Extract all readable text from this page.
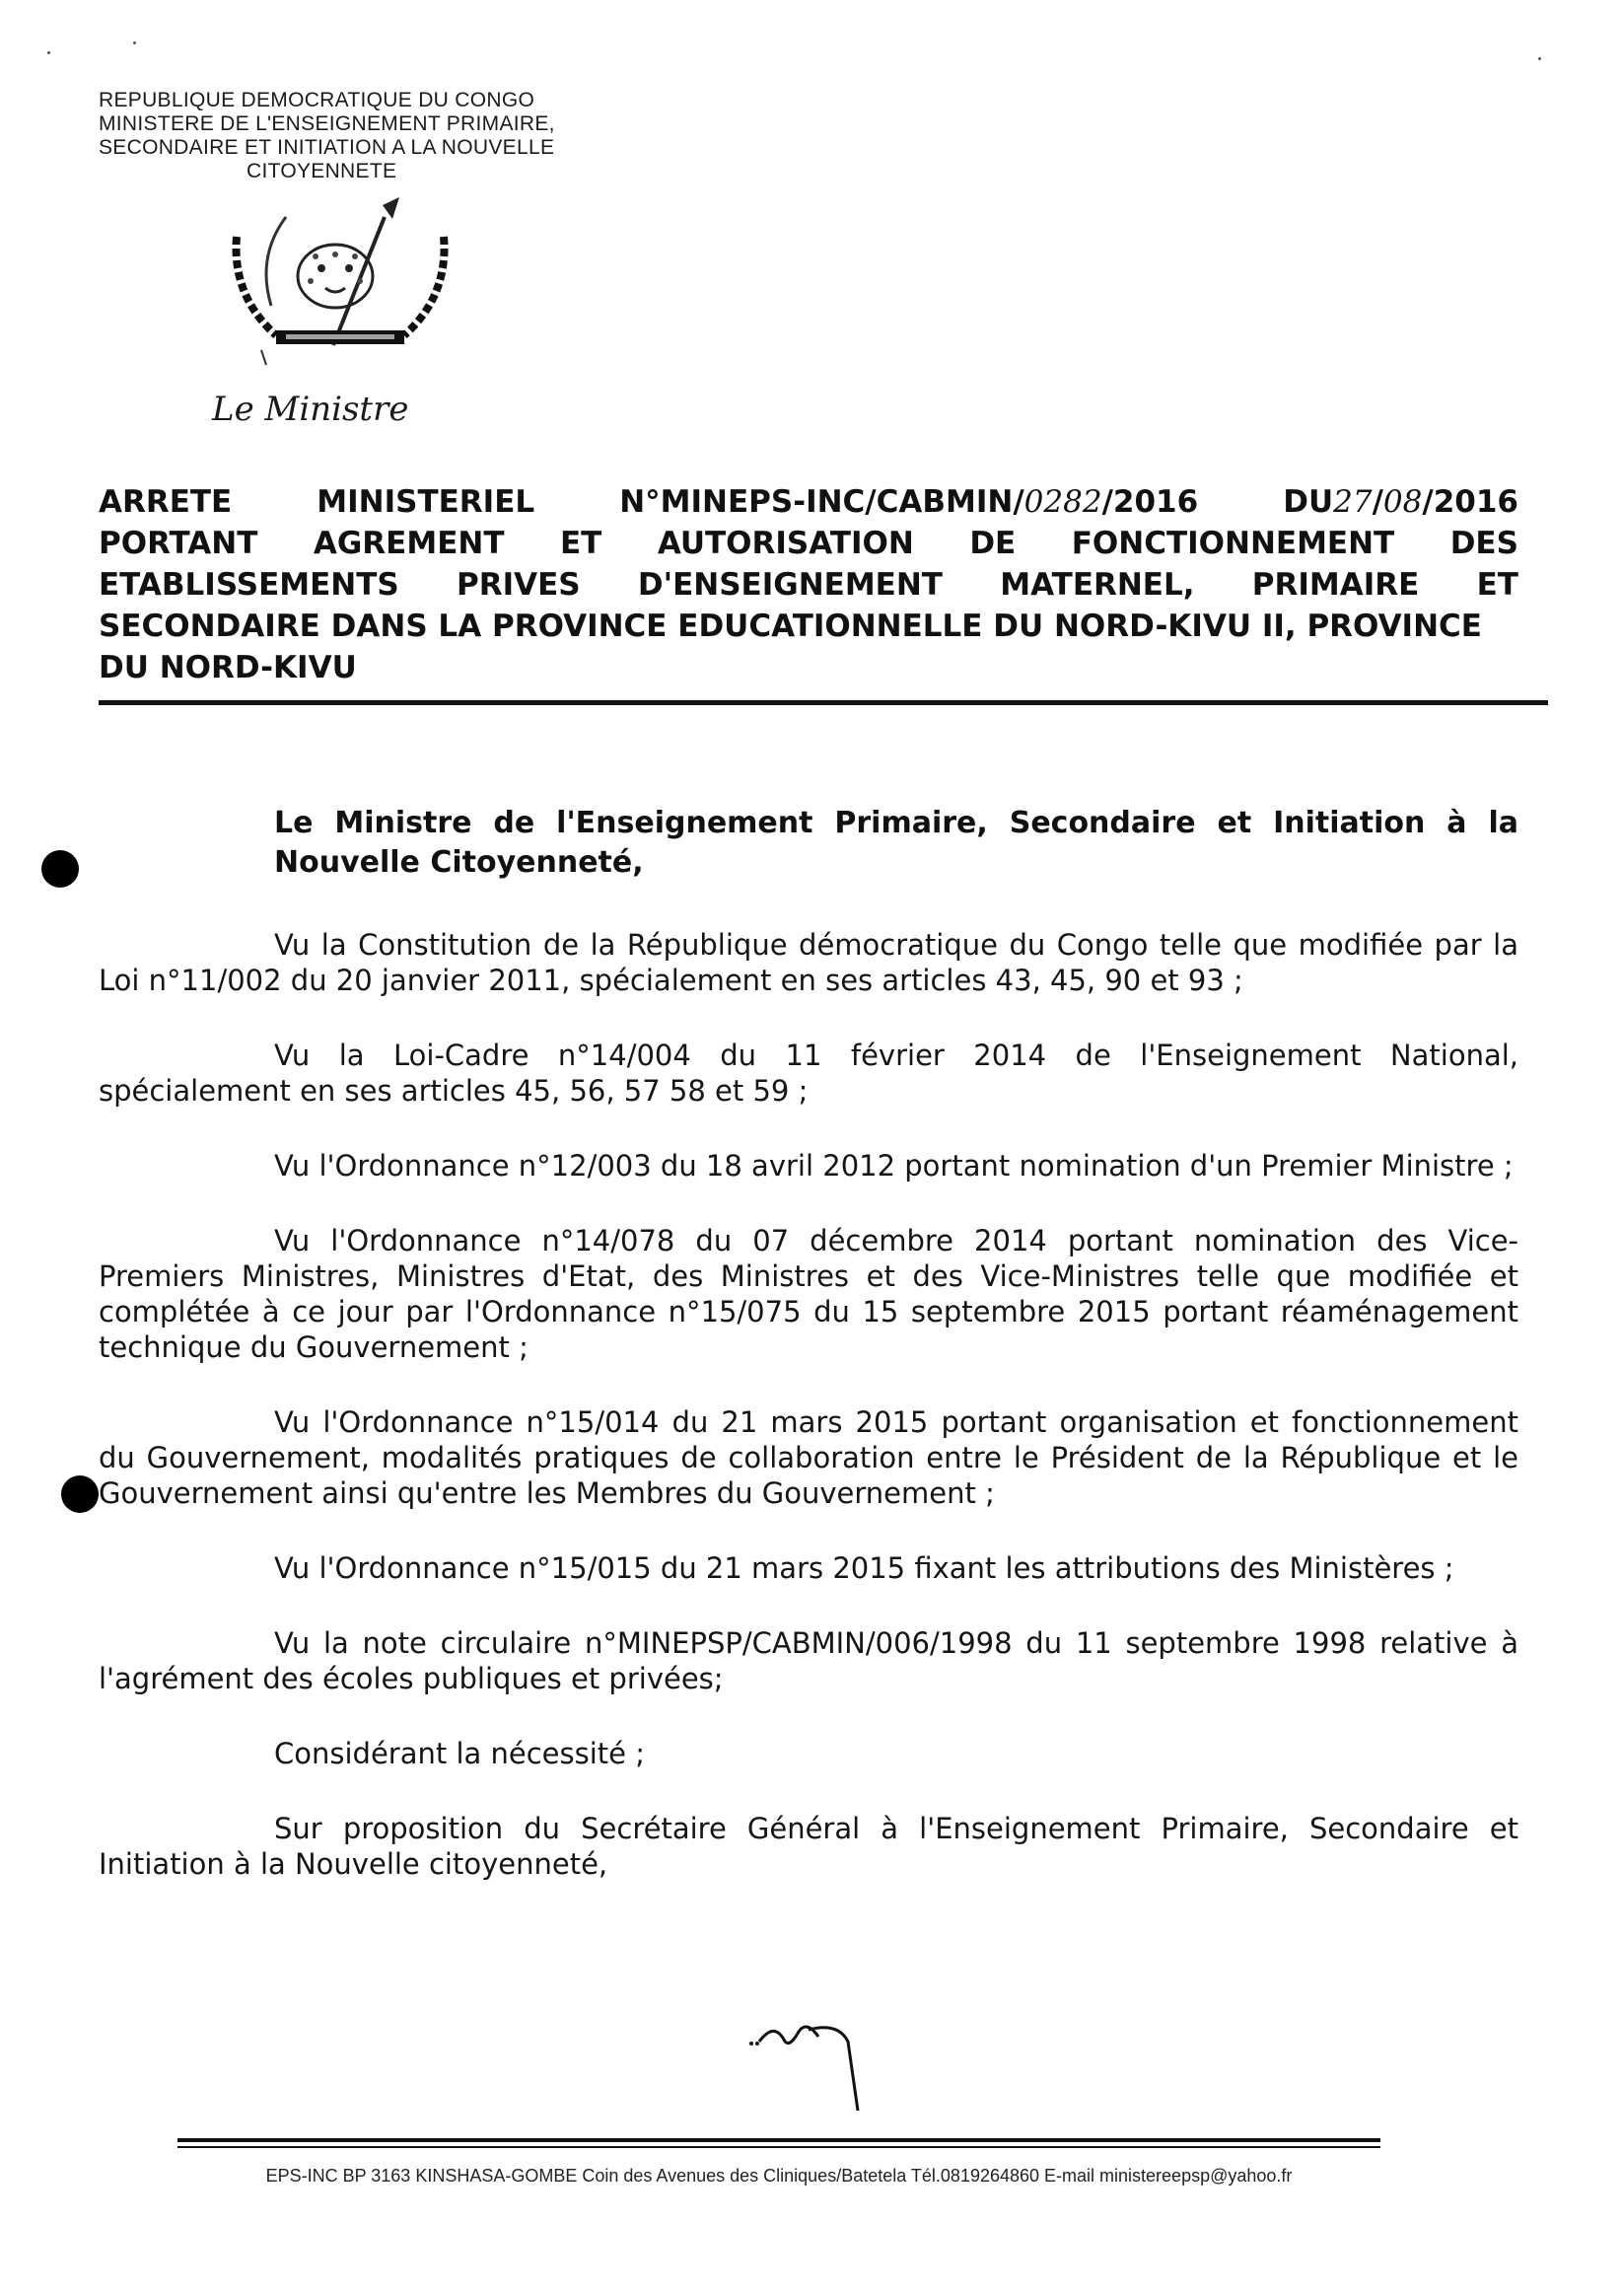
REPUBLIQUE DEMOCRATIQUE DU CONGO
MINISTERE DE L'ENSEIGNEMENT PRIMAIRE,
SECONDAIRE ET INITIATION A LA NOUVELLE
CITOYENNETE
Le Ministre
ARRETE	MINISTERIEL	N°MINEPS-INC/CABMIN/0282/2016	DU27/08/2016
PORTANT AGREMENT ET AUTORISATION DE FONCTIONNEMENT DES
ETABLISSEMENTS PRIVES D'ENSEIGNEMENT MATERNEL, PRIMAIRE ET
SECONDAIRE DANS LA PROVINCE EDUCATIONNELLE DU NORD-KIVU II, PROVINCE
DU NORD-KIVU
Le Ministre de l'Enseignement Primaire, Secondaire et Initiation à la Nouvelle Citoyenneté,

Vu la Constitution de la République démocratique du Congo telle que modifiée par la Loi n°11/002 du 20 janvier 2011, spécialement en ses articles 43, 45, 90 et 93 ;

Vu la Loi-Cadre n°14/004 du 11 février 2014 de l'Enseignement National, spécialement en ses articles 45, 56, 57 58 et 59 ;

Vu l'Ordonnance n°12/003 du 18 avril 2012 portant nomination d'un Premier Ministre ;

Vu l'Ordonnance n°14/078 du 07 décembre 2014 portant nomination des Vice-Premiers Ministres, Ministres d'Etat, des Ministres et des Vice-Ministres telle que modifiée et complétée à ce jour par l'Ordonnance n°15/075 du 15 septembre 2015 portant réaménagement technique du Gouvernement ;

Vu l'Ordonnance n°15/014 du 21 mars 2015 portant organisation et fonctionnement du Gouvernement, modalités pratiques de collaboration entre le Président de la République et le Gouvernement ainsi qu'entre les Membres du Gouvernement ;

Vu l'Ordonnance n°15/015 du 21 mars 2015 fixant les attributions des Ministères ;

Vu la note circulaire n°MINEPSP/CABMIN/006/1998 du 11 septembre 1998 relative à l'agrément des écoles publiques et privées;

Considérant la nécessité ;

Sur proposition du Secrétaire Général à l'Enseignement Primaire, Secondaire et Initiation à la Nouvelle citoyenneté,

EPS-INC BP 3163 KINSHASA-GOMBE Coin des Avenues des Cliniques/Batetela Tél.0819264860 E-mail ministereepsp@yahoo.fr
